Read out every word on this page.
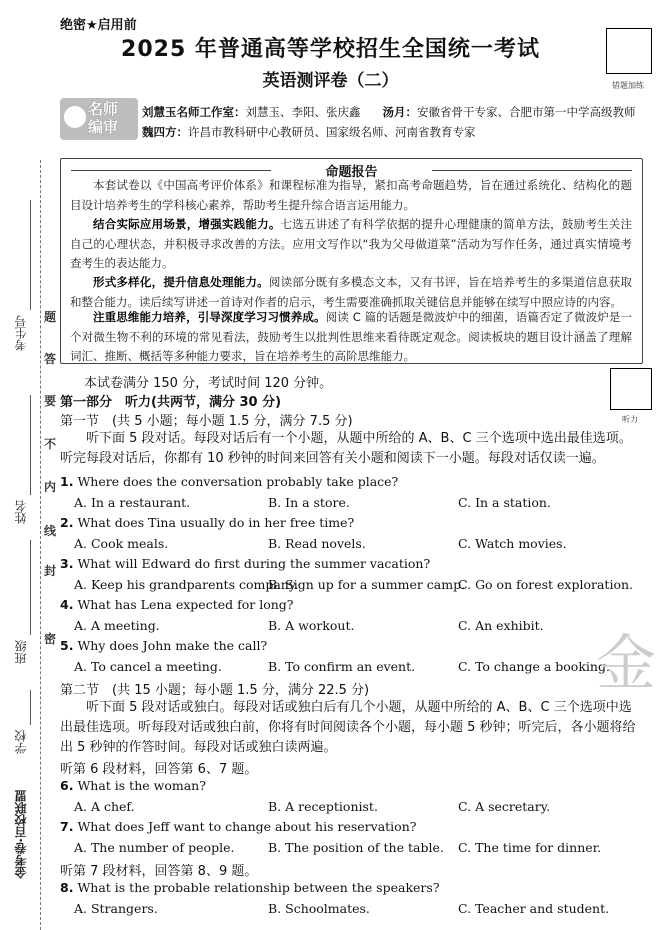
考生号
姓名
班级
学校
金考卷·百校联盟
密
封
线
内
不
要
答
题
绝密★启用前
2025 年普通高等学校招生全国统一考试
英语测评卷（二）	错题加练
名师
编审
刘慧玉名师工作室：刘慧玉、李阳、张庆鑫 汤月：安徽省骨干专家、合肥市第一中学高级教师
魏四方：许昌市教科研中心教研员、国家级名师、河南省教育专家
命题报告
本套试卷以《中国高考评价体系》和课程标准为指导，紧扣高考命题趋势，旨在通过系统化、结构化的题目设计培养考生的学科核心素养，帮助考生提升综合语言运用能力。
结合实际应用场景，增强实践能力。七选五讲述了有科学依据的提升心理健康的简单方法，鼓励考生关注自己的心理状态，并积极寻求改善的方法。应用文写作以“我为父母做道菜”活动为写作任务，通过真实情境考查考生的表达能力。
形式多样化，提升信息处理能力。阅读部分既有多模态文本，又有书评，旨在培养考生的多渠道信息获取和整合能力。读后续写讲述一首诗对作者的启示，考生需要准确抓取关键信息并能够在续写中照应诗的内容。
注重思维能力培养，引导深度学习习惯养成。阅读 C 篇的话题是微波炉中的细菌，语篇否定了微波炉是一个对微生物不利的环境的常见看法，鼓励考生以批判性思维来看待既定观念。阅读板块的题目设计涵盖了理解词汇、推断、概括等多种能力要求，旨在培养考生的高阶思维能力。
本试卷满分 150 分，考试时间 120 分钟。
听力
第一部分　听力(共两节，满分 30 分)
第一节　(共 5 小题；每小题 1.5 分，满分 7.5 分)
听下面 5 段对话。每段对话后有一个小题，从题中所给的 A、B、C 三个选项中选出最佳选项。听完每段对话后，你都有 10 秒钟的时间来回答有关小题和阅读下一小题。每段对话仅读一遍。
1. Where does the conversation probably take place?
A. In a restaurant.	B. In a store.	C. In a station.
2. What does Tina usually do in her free time?
A. Cook meals.	B. Read novels.	C. Watch movies.
3. What will Edward do first during the summer vacation?
A. Keep his grandparents company.
B. Sign up for a summer camp.
C. Go on forest exploration.
4. What has Lena expected for long?
A. A meeting.	B. A workout.	C. An exhibit.
5. Why does John make the call?
A. To cancel a meeting.	B. To confirm an event.	C. To change a booking.
金
第二节　(共 15 小题；每小题 1.5 分，满分 22.5 分)
听下面 5 段对话或独白。每段对话或独白后有几个小题，从题中所给的 A、B、C 三个选项中选出最佳选项。听每段对话或独白前，你将有时间阅读各个小题，每小题 5 秒钟；听完后，各小题将给出 5 秒钟的作答时间。每段对话或独白读两遍。
听第 6 段材料，回答第 6、7 题。
6. What is the woman?
A. A chef.	B. A receptionist.	C. A secretary.
7. What does Jeff want to change about his reservation?
A. The number of people.	B. The position of the table. C. The time for dinner.
听第 7 段材料，回答第 8、9 题。
8. What is the probable relationship between the speakers?
A. Strangers.	B. Schoolmates.	C. Teacher and student.
